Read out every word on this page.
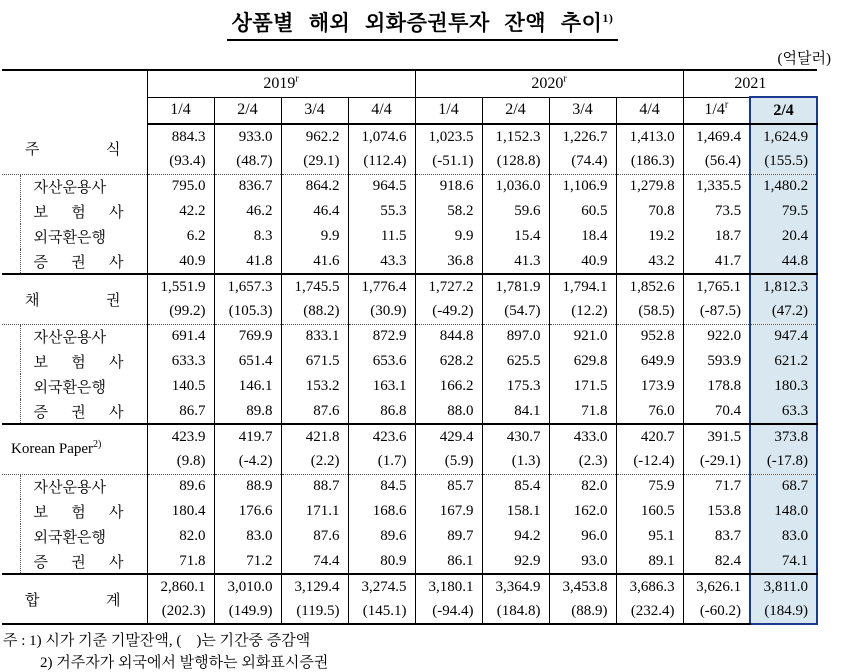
상품별 해외 외화증권투자 잔액 추이$^{1)}$
(억달러)
		2019$^r$				2020$^r$				2021	
		1/4	2/4	3/4	4/4	1/4	2/4	3/4	4/4	1/4$^r$	2/4

주 식		884.3	933.0	962.2	1,074.6	1,023.5	1,152.3	1,226.7	1,413.0	1,469.4	1,624.9
		(93.4)	(48.7)	(29.1)	(112.4)	(-51.1)	(128.8)	(74.4)	(186.3)	(56.4)	(155.5)

	자산운용사	795.0	836.7	864.2	964.5	918.6	1,036.0	1,106.9	1,279.8	1,335.5	1,480.2

	보 험 사	42.2	46.2	46.4	55.3	58.2	59.6	60.5	70.8	73.5	79.5

	외국환은행	6.2	8.3	9.9	11.5	9.9	15.4	18.4	19.2	18.7	20.4

	증 권 사	40.9	41.8	41.6	43.3	36.8	41.3	40.9	43.2	41.7	44.8

채 권		1,551.9	1,657.3	1,745.5	1,776.4	1,727.2	1,781.9	1,794.1	1,852.6	1,765.1	1,812.3
		(99.2)	(105.3)	(88.2)	(30.9)	(-49.2)	(54.7)	(12.2)	(58.5)	(-87.5)	(47.2)

	자산운용사	691.4	769.9	833.1	872.9	844.8	897.0	921.0	952.8	922.0	947.4

	보 험 사	633.3	651.4	671.5	653.6	628.2	625.5	629.8	649.9	593.9	621.2

	외국환은행	140.5	146.1	153.2	163.1	166.2	175.3	171.5	173.9	178.8	180.3

	증 권 사	86.7	89.8	87.6	86.8	88.0	84.1	71.8	76.0	70.4	63.3

Korean Paper$^{2)}$		423.9	419.7	421.8	423.6	429.4	430.7	433.0	420.7	391.5	373.8
		(9.8)	(-4.2)	(2.2)	(1.7)	(5.9)	(1.3)	(2.3)	(-12.4)	(-29.1)	(-17.8)

	자산운용사	89.6	88.9	88.7	84.5	85.7	85.4	82.0	75.9	71.7	68.7

	보 험 사	180.4	176.6	171.1	168.6	167.9	158.1	162.0	160.5	153.8	148.0

	외국환은행	82.0	83.0	87.6	89.6	89.7	94.2	96.0	95.1	83.7	83.0

	증 권 사	71.8	71.2	74.4	80.9	86.1	92.9	93.0	89.1	82.4	74.1

합 계		2,860.1	3,010.0	3,129.4	3,274.5	3,180.1	3,364.9	3,453.8	3,686.3	3,626.1	3,811.0
		(202.3)	(149.9)	(119.5)	(145.1)	(-94.4)	(184.8)	(88.9)	(232.4)	(-60.2)	(184.9)
주 : 1) 시가 기준 기말잔액, (    )는 기간중 증감액
2) 거주자가 외국에서 발행하는 외화표시증권
